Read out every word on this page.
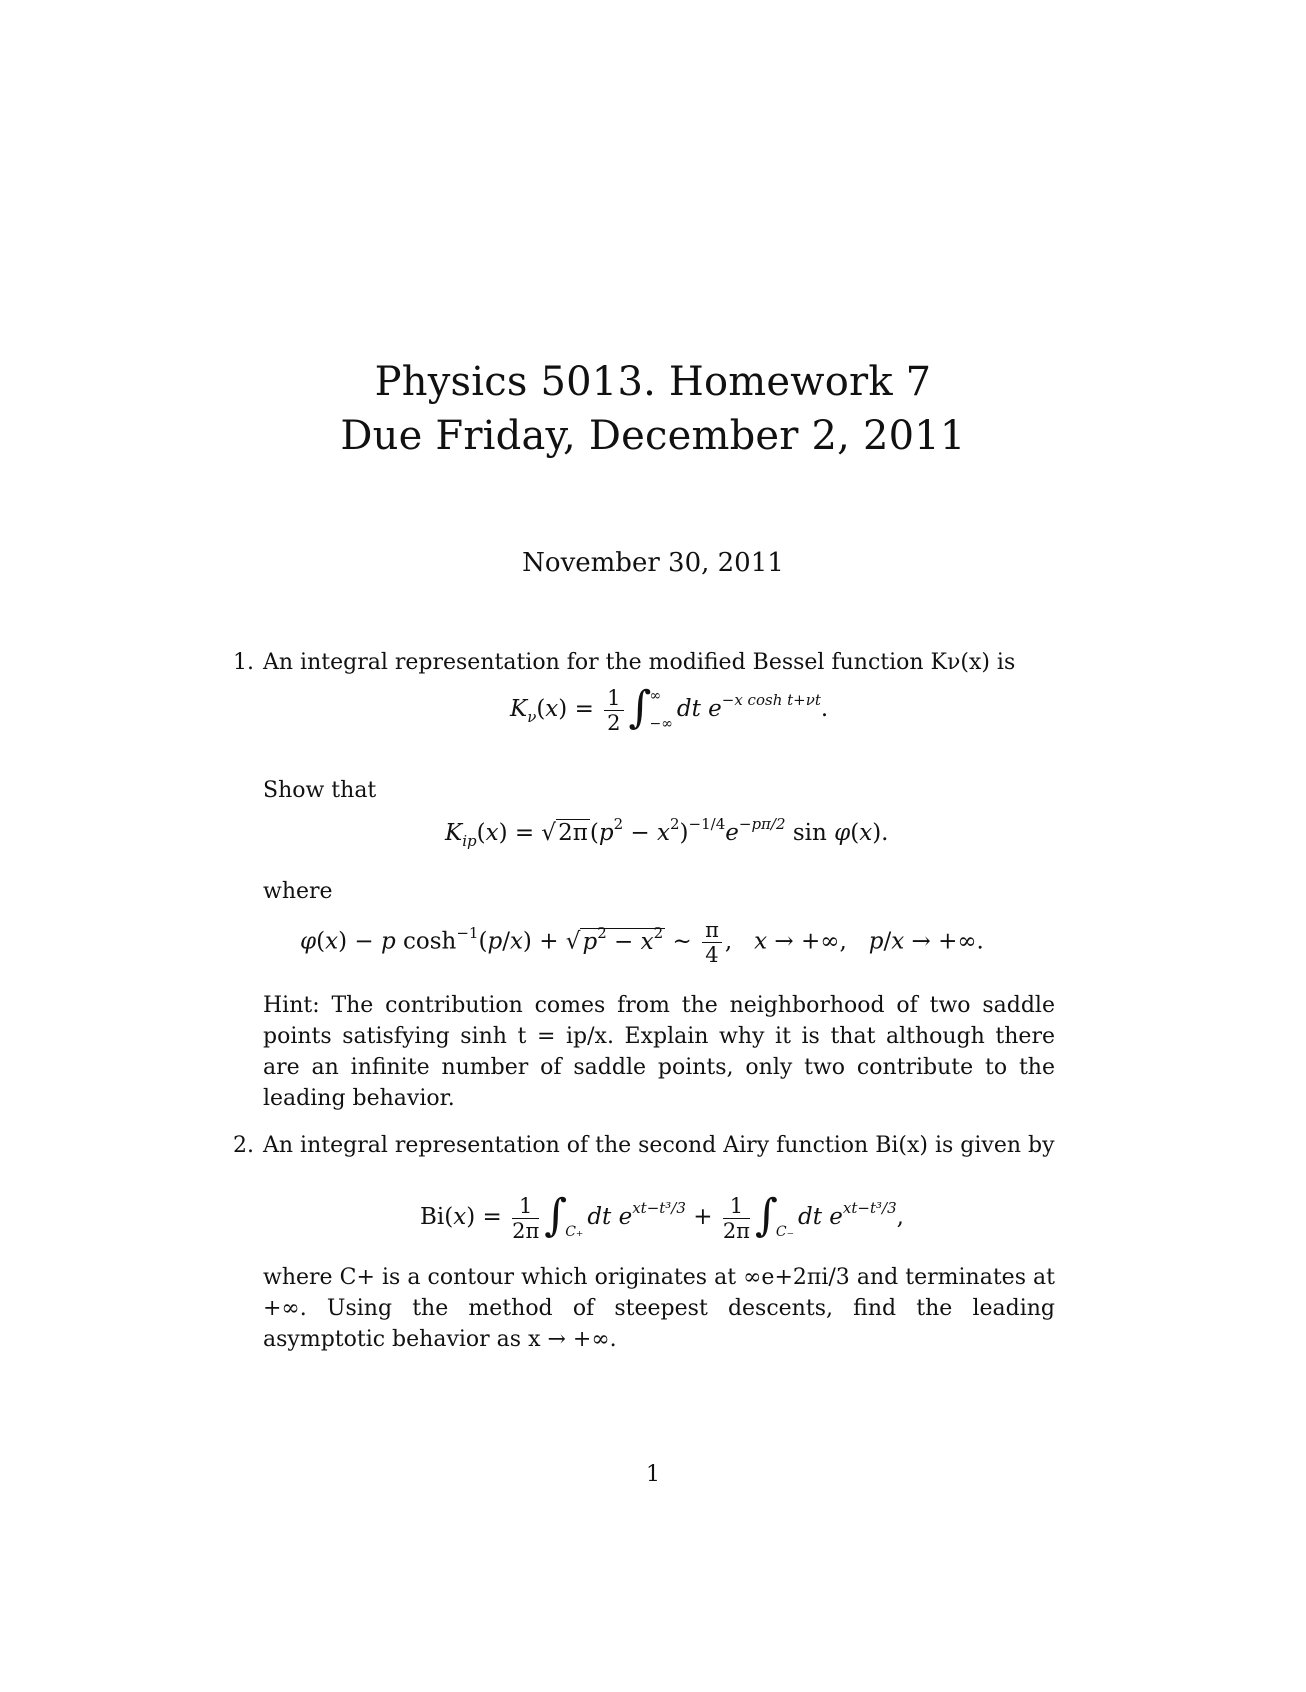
Physics 5013. Homework 7
Due Friday, December 2, 2011
November 30, 2011
1. An integral representation for the modified Bessel function Kν(x) is
$K_\nu(x) = \frac{1}{2}$ ∫
∞
−∞
dt $e^{-x cosh t+\nu t}$.
Show that
$K_{ip}(x) = √2\pi(p^2 - x^2)^{-1/4}e^{-p\pi/2}$ sin φ(x).
where
φ(x) − p $\cosh^{-1}(p/x) + √p^2 - x^2$ ∼ $\frac{\pi}{4}$ ,   x → +∞,   p/x → +∞.
Hint: The contribution comes from the neighborhood of two saddle points satisfying sinh t = ip/x. Explain why it is that although there are an infinite number of saddle points, only two contribute to the leading behavior.
2. An integral representation of the second Airy function Bi(x) is given by
$Bi(x) = \frac{1}{2\pi}$ ∫

C₊
dt $e^{xt-t^3/3} + \frac{1}{2\pi}$ ∫

C₋
dt $e^{xt-t^3/3}$,
where C+ is a contour which originates at ∞e+2πi/3 and terminates at +∞. Using the method of steepest descents, find the leading asymptotic behavior as x → +∞.
1
